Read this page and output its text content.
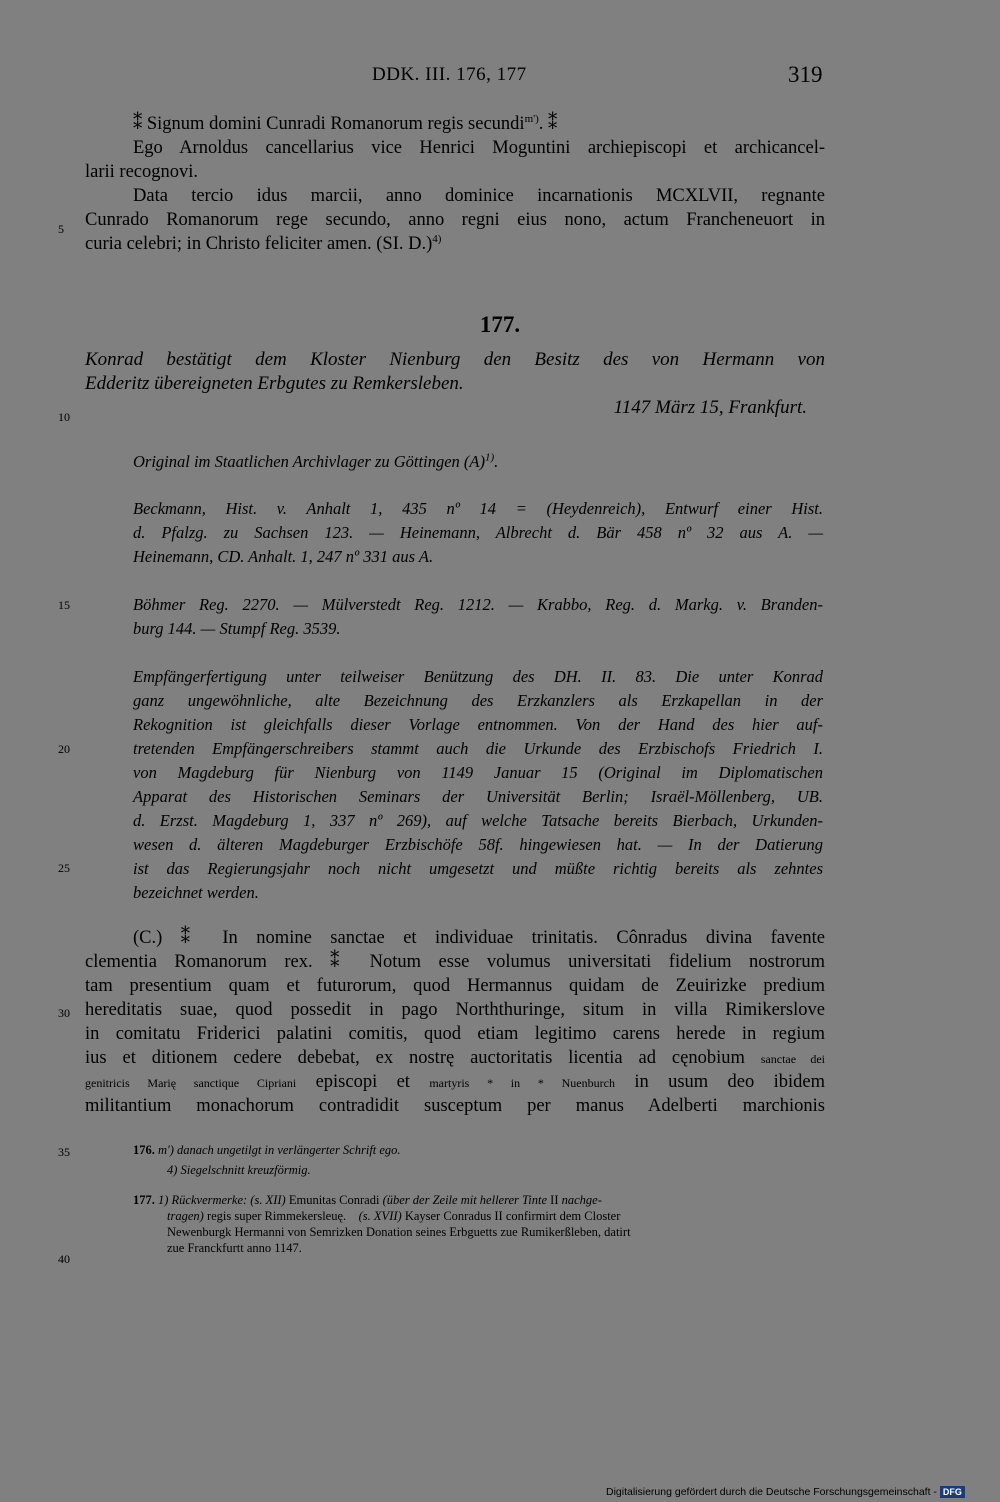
DDK. III. 176, 177	319
⁑ Signum domini Cunradi Romanorum regis secundi$^{m')}$. ⁑
Ego Arnoldus cancellarius vice Henrici Moguntini archiepiscopi et archicancel-
larii recognovi.
Data tercio idus marcii, anno dominice incarnationis MCXLVII, regnante
Cunrado Romanorum rege secundo, anno regni eius nono, actum Francheneuort in
curia celebri; in Christo feliciter amen. (SI. D.)$^{4)}$
5
10
15
20
25
30
35
40
177.
Konrad bestätigt dem Kloster Nienburg den Besitz des von Hermann von
Edderitz übereigneten Erbgutes zu Remkersleben.
1147 März 15, Frankfurt.
Original im Staatlichen Archivlager zu Göttingen $(A)^{1)}$.
Beckmann, Hist. v. Anhalt 1, 435 nº 14 = (Heydenreich), Entwurf einer Hist.
d. Pfalzg. zu Sachsen 123. — Heinemann, Albrecht d. Bär 458 nº 32 aus A. —
Heinemann, CD. Anhalt. 1, 247 nº 331 aus A.
Böhmer Reg. 2270. — Mülverstedt Reg. 1212. — Krabbo, Reg. d. Markg. v. Branden-
burg 144. — Stumpf Reg. 3539.
Empfängerfertigung unter teilweiser Benützung des DH. II. 83. Die unter Konrad
ganz ungewöhnliche, alte Bezeichnung des Erzkanzlers als Erzkapellan in der
Rekognition ist gleichfalls dieser Vorlage entnommen. Von der Hand des hier auf-
tretenden Empfängerschreibers stammt auch die Urkunde des Erzbischofs Friedrich I.
von Magdeburg für Nienburg von 1149 Januar 15 (Original im Diplomatischen
Apparat des Historischen Seminars der Universität Berlin; Israël-Möllenberg, UB.
d. Erzst. Magdeburg 1, 337 nº 269), auf welche Tatsache bereits Bierbach, Urkunden-
wesen d. älteren Magdeburger Erzbischöfe 58f. hingewiesen hat. — In der Datierung
ist das Regierungsjahr noch nicht umgesetzt und müßte richtig bereits als zehntes
bezeichnet werden.
(C.) ⁑ In nomine sanctae et individuae trinitatis. Cônradus divina favente
clementia Romanorum rex. ⁑ Notum esse volumus universitati fidelium nostrorum
tam presentium quam et futurorum, quod Hermannus quidam de Zeuirizke predium
hereditatis suae, quod possedit in pago Norththuringe, situm in villa Rimikerslove
in comitatu Friderici palatini comitis, quod etiam legitimo carens herede in regium
ius et ditionem cedere debebat, ex nostrę auctoritatis licentia ad cęnobium sanctae dei
genitricis Marię sanctique Cipriani episcopi et martyris * in * Nuenburch in usum deo ibidem
militantium monachorum contradidit susceptum per manus Adelberti marchionis
176. m') danach ungetilgt in verlängerter Schrift ego.
4) Siegelschnitt kreuzförmig.
177. 1) Rückvermerke: (s. XII) Emunitas Conradi (über der Zeile mit hellerer Tinte II nachge-
tragen) regis super Rimmekersleuę. (s. XVII) Kayser Conradus II confirmirt dem Closter
Newenburgk Hermanni von Semrizken Donation seines Erbguetts zue Rumikerßleben, datirt
zue Franckfurtt anno 1147.
Digitalisierung gefördert durch die Deutsche Forschungsgemeinschaft - DFG
